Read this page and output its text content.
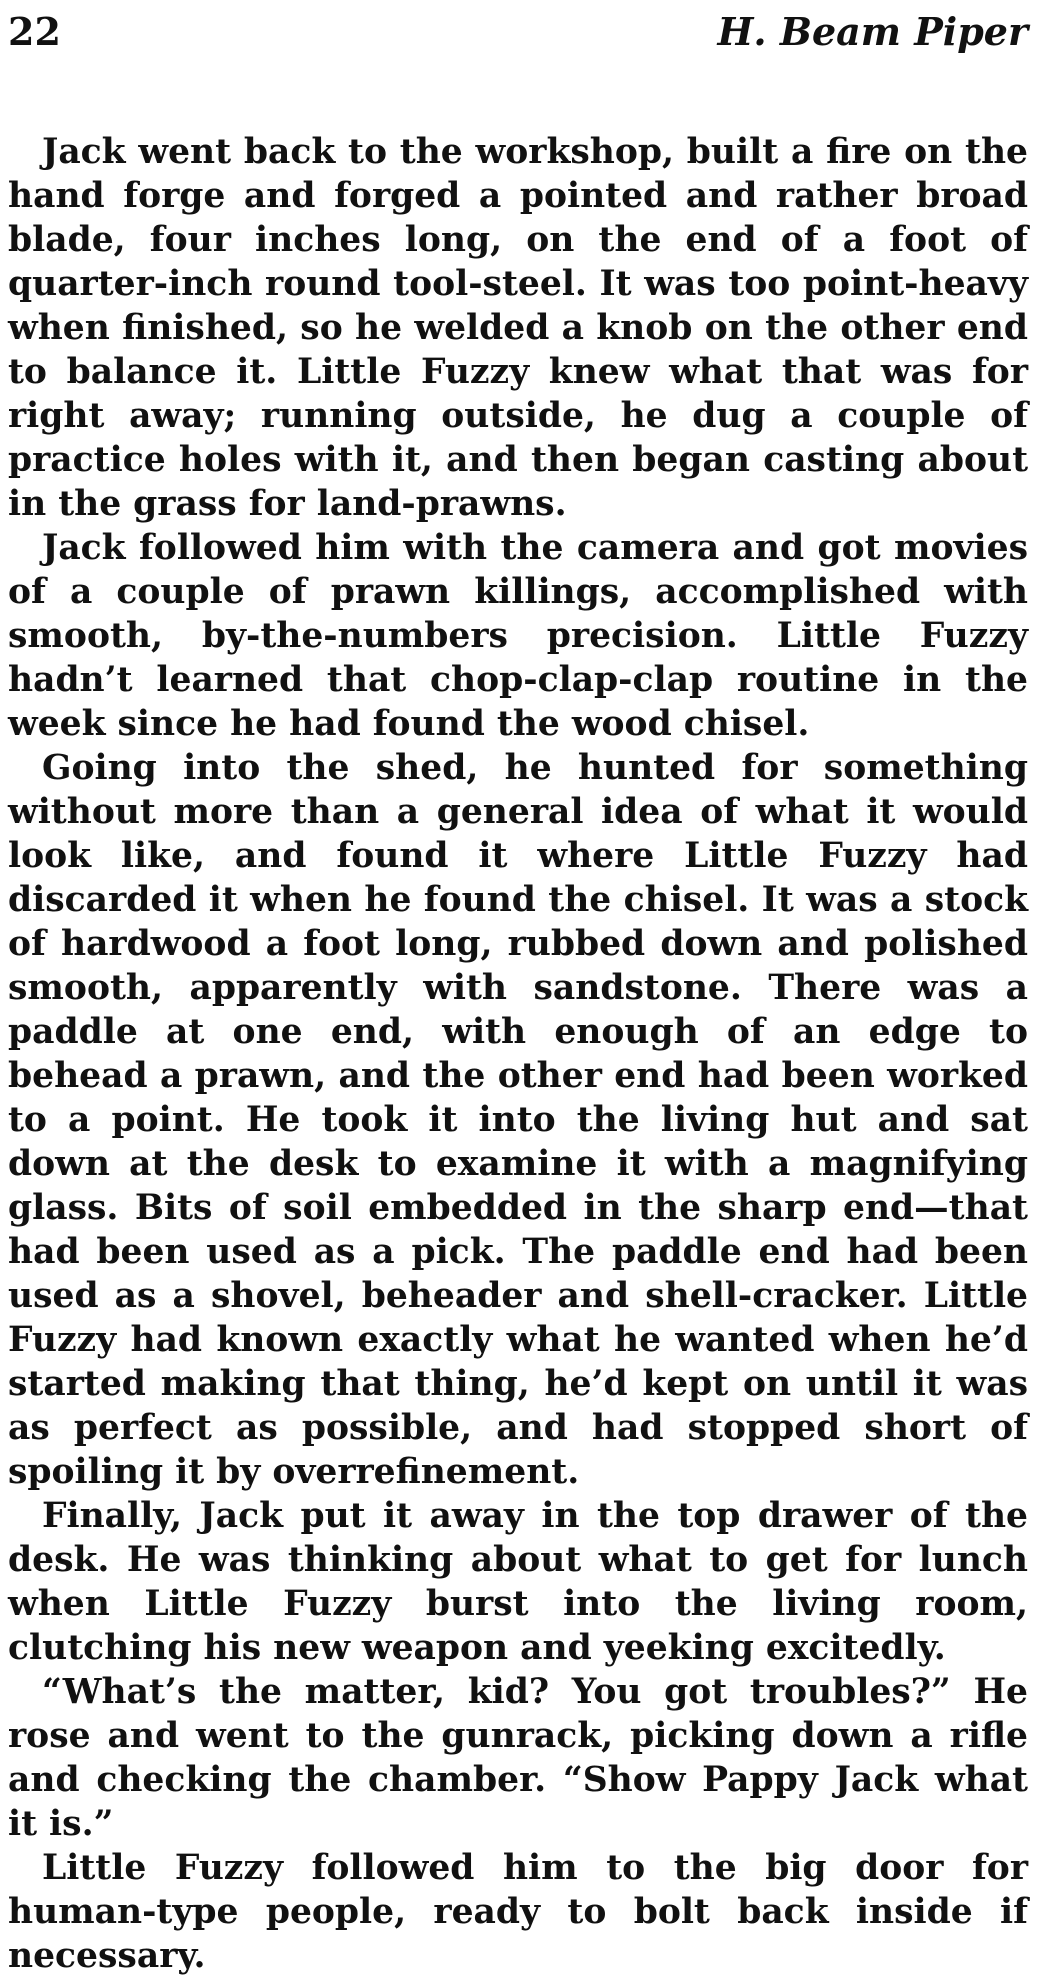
22	H. Beam Piper

Jack went back to the workshop, built a fire on the hand forge and forged a pointed and rather broad blade, four inches long, on the end of a foot of quarter-inch round tool-steel. It was too point-heavy when finished, so he welded a knob on the other end to balance it. Little Fuzzy knew what that was for right away; running outside, he dug a couple of practice holes with it, and then began casting about in the grass for land-prawns.

Jack followed him with the camera and got movies of a couple of prawn killings, accomplished with smooth, by-the-numbers precision. Little Fuzzy hadn’t learned that chop-clap-clap routine in the week since he had found the wood chisel.

Going into the shed, he hunted for something without more than a general idea of what it would look like, and found it where Little Fuzzy had discarded it when he found the chisel. It was a stock of hardwood a foot long, rubbed down and polished smooth, apparently with sandstone. There was a paddle at one end, with enough of an edge to behead a prawn, and the other end had been worked to a point. He took it into the living hut and sat down at the desk to examine it with a magnifying glass. Bits of soil embedded in the sharp end—that had been used as a pick. The paddle end had been used as a shovel, beheader and shell-cracker. Little Fuzzy had known exactly what he wanted when he’d started making that thing, he’d kept on until it was as perfect as possible, and had stopped short of spoiling it by overrefinement.

Finally, Jack put it away in the top drawer of the desk. He was thinking about what to get for lunch when Little Fuzzy burst into the living room, clutching his new weapon and yeeking excitedly.

“What’s the matter, kid? You got troubles?” He rose and went to the gunrack, picking down a rifle and checking the chamber. “Show Pappy Jack what it is.”

Little Fuzzy followed him to the big door for human-type people, ready to bolt back inside if necessary.
